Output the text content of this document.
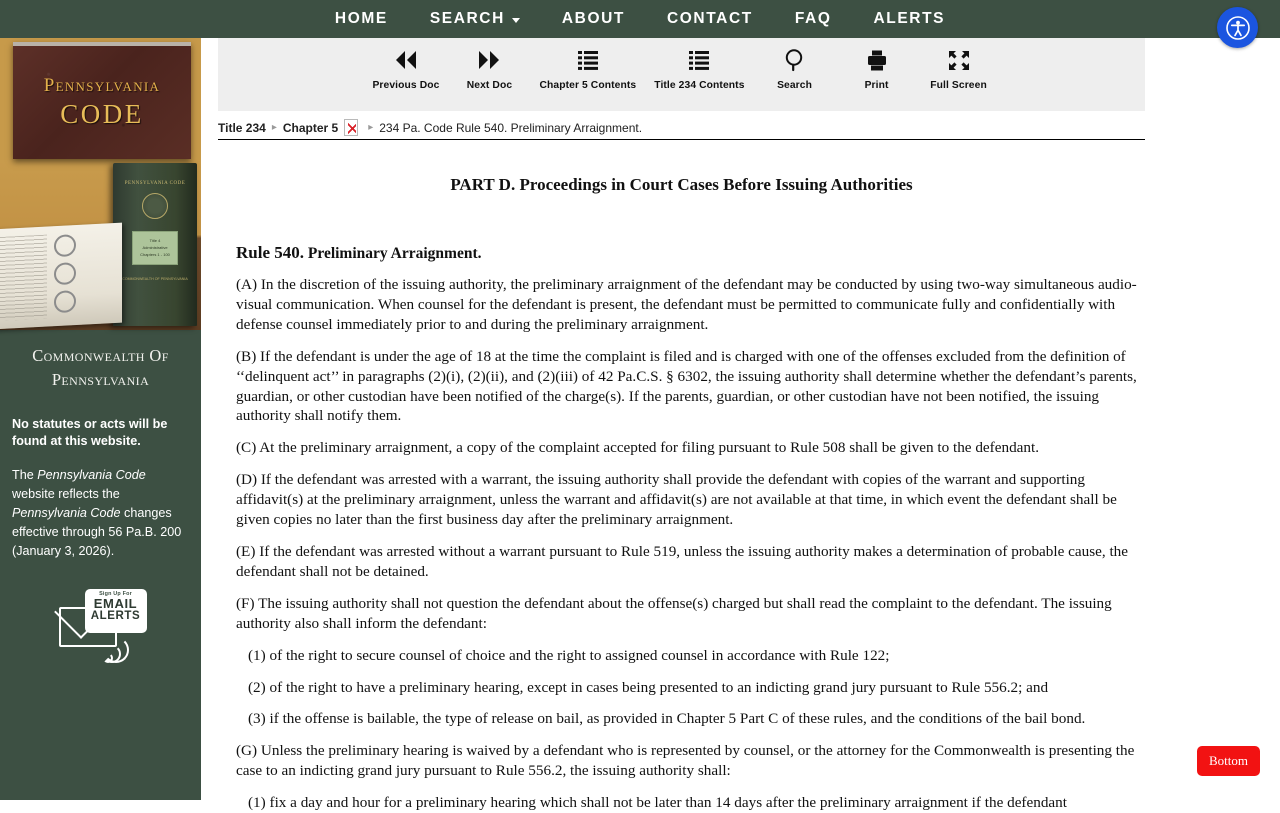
HOME	SEARCH	ABOUT	CONTACT	FAQ	ALERTS
Pennsylvania
CODE
PENNSYLVANIA CODE
Title 4
Administrative
Chapters 1 - 100
COMMONWEALTH OF PENNSYLVANIA
Commonwealth Of
Pennsylvania
No statutes or acts will be found at this website.
The Pennsylvania Code website reflects the Pennsylvania Code changes effective through 56 Pa.B. 200 (January 3, 2026).
Sign Up For
EMAIL
ALERTS
Previous Doc	Next Doc	Chapter 5 Contents Title 234 Contents	Search	Print	Full Screen
Title 234 ▸ Chapter 5	▸ 234 Pa. Code Rule 540. Preliminary Arraignment.
PART D. Proceedings in Court Cases Before Issuing Authorities
Rule 540. Preliminary Arraignment.

(A) In the discretion of the issuing authority, the preliminary arraignment of the defendant may be conducted by using two-way simultaneous audio-visual communication. When counsel for the defendant is present, the defendant must be permitted to communicate fully and confidentially with defense counsel immediately prior to and during the preliminary arraignment.

(B) If the defendant is under the age of 18 at the time the complaint is filed and is charged with one of the offenses excluded from the definition of ‘‘delinquent act’’ in paragraphs (2)(i), (2)(ii), and (2)(iii) of 42 Pa.C.S. § 6302, the issuing authority shall determine whether the defendant’s parents, guardian, or other custodian have been notified of the charge(s). If the parents, guardian, or other custodian have not been notified, the issuing authority shall notify them.

(C) At the preliminary arraignment, a copy of the complaint accepted for filing pursuant to Rule 508 shall be given to the defendant.

(D) If the defendant was arrested with a warrant, the issuing authority shall provide the defendant with copies of the warrant and supporting affidavit(s) at the preliminary arraignment, unless the warrant and affidavit(s) are not available at that time, in which event the defendant shall be given copies no later than the first business day after the preliminary arraignment.

(E) If the defendant was arrested without a warrant pursuant to Rule 519, unless the issuing authority makes a determination of probable cause, the defendant shall not be detained.

(F) The issuing authority shall not question the defendant about the offense(s) charged but shall read the complaint to the defendant. The issuing authority also shall inform the defendant:

(1) of the right to secure counsel of choice and the right to assigned counsel in accordance with Rule 122;

(2) of the right to have a preliminary hearing, except in cases being presented to an indicting grand jury pursuant to Rule 556.2; and

(3) if the offense is bailable, the type of release on bail, as provided in Chapter 5 Part C of these rules, and the conditions of the bail bond.

(G) Unless the preliminary hearing is waived by a defendant who is represented by counsel, or the attorney for the Commonwealth is presenting the case to an indicting grand jury pursuant to Rule 556.2, the issuing authority shall:

(1) fix a day and hour for a preliminary hearing which shall not be later than 14 days after the preliminary arraignment if the defendant

Bottom
